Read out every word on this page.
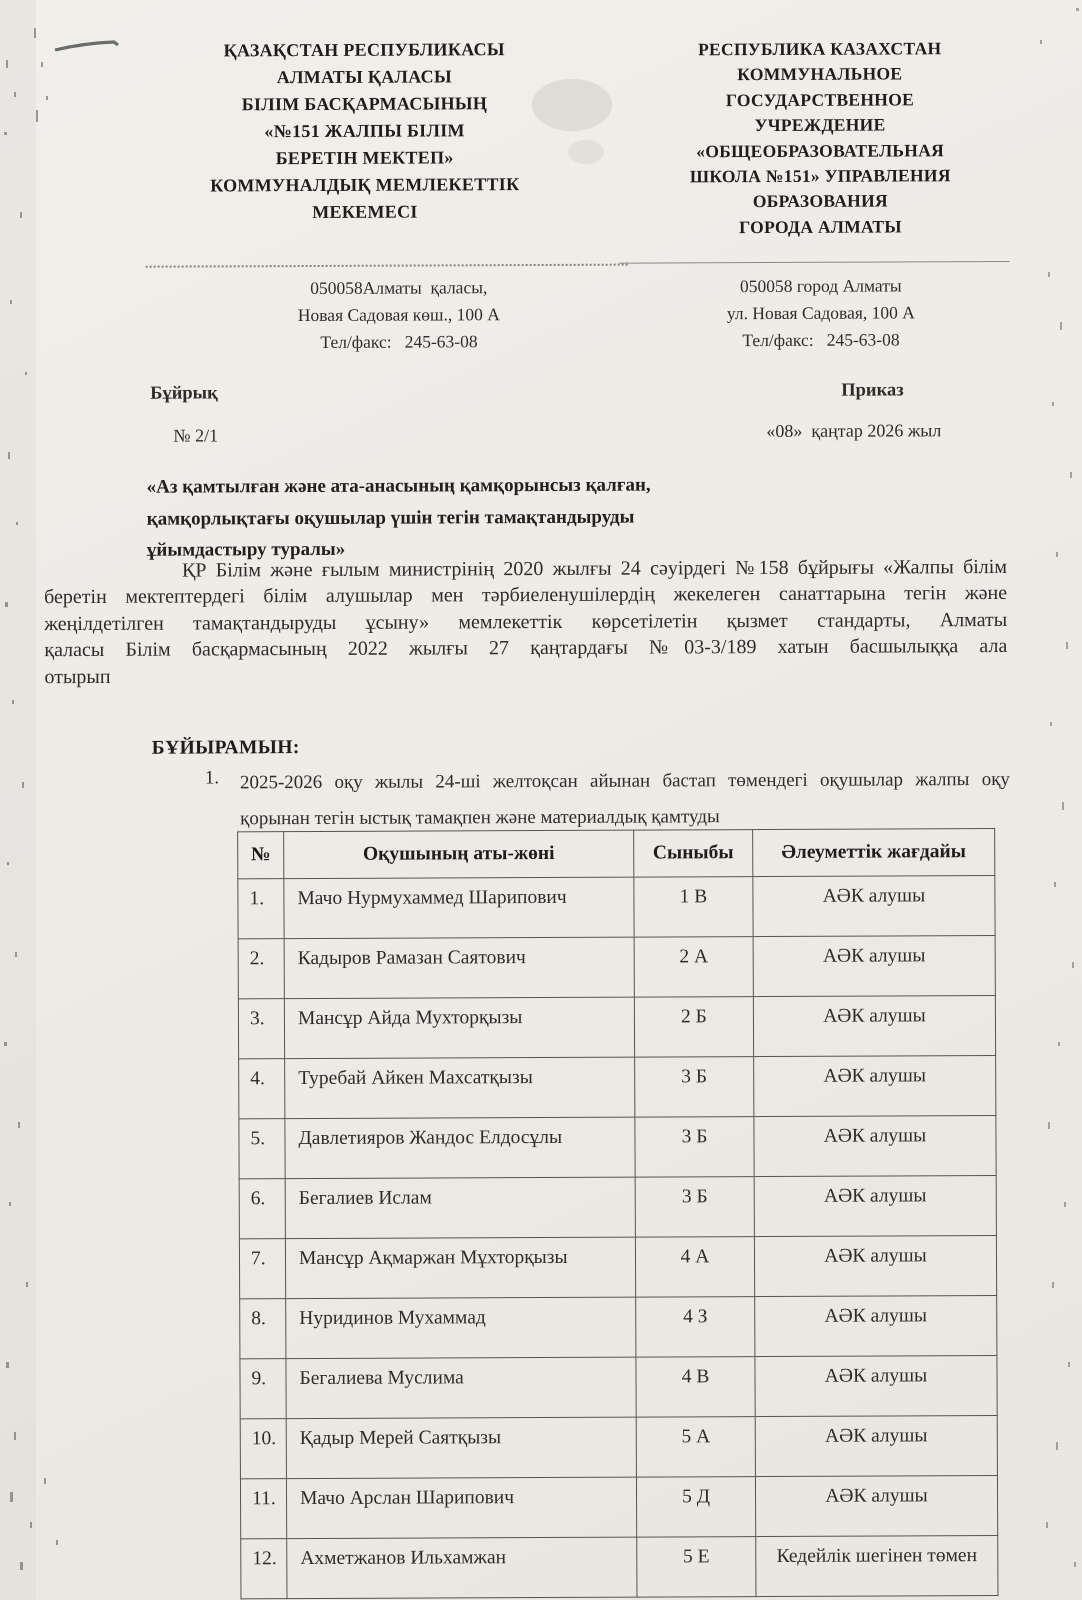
ҚАЗАҚСТАН РЕСПУБЛИКАСЫ
АЛМАТЫ ҚАЛАСЫ
БІЛІМ БАСҚАРМАСЫНЫҢ
«№151 ЖАЛПЫ БІЛІМ
БЕРЕТІН МЕКТЕП»
КОММУНАЛДЫҚ МЕМЛЕКЕТТІК
МЕКЕМЕСІ
РЕСПУБЛИКА КАЗАХСТАН
КОММУНАЛЬНОЕ
ГОСУДАРСТВЕННОЕ
УЧРЕЖДЕНИЕ
«ОБЩЕОБРАЗОВАТЕЛЬНАЯ
ШКОЛА №151» УПРАВЛЕНИЯ
ОБРАЗОВАНИЯ
ГОРОДА АЛМАТЫ
050058Алматы  қаласы,
Новая Садовая көш., 100 А
Тел/факс:   245-63-08
050058 город Алматы
ул. Новая Садовая, 100 А
Тел/факс:   245-63-08
Бұйрық	Приказ
№ 2/1	«08»  қаңтар 2026 жыл
«Аз қамтылған және ата-анасының қамқорынсыз қалған,
қамқорлықтағы оқушылар үшін тегін тамақтандыруды
ұйымдастыру туралы»
ҚР Білім және ғылым министрінің 2020 жылғы 24 сәуірдегі №158 бұйрығы «Жалпы білім
беретін мектептердегі білім алушылар мен тәрбиеленушілердің жекелеген санаттарына тегін және
жеңілдетілген тамақтандыруды ұсыну» мемлекеттік көрсетілетін қызмет стандарты, Алматы
қаласы Білім басқармасының 2022 жылғы 27 қаңтардағы №03-3/189 хатын басшылыққа ала
отырып
БҰЙЫРАМЫН:
1. 2025-2026 оқу жылы 24-ші желтоқсан айынан бастап төмендегі оқушылар жалпы оқу
қорынан тегін ыстық тамақпен және материалдық қамтуды
№	Оқушының аты-жөні	Сыныбы	Әлеуметтік жағдайы
1.	Мачо Нурмухаммед Шарипович	1 В	АӘК алушы
2.	Кадыров Рамазан Саятович	2 А	АӘК алушы
3.	Мансұр Айда Мухторқызы	2 Б	АӘК алушы
4.	Туребай Айкен Махсатқызы	3 Б	АӘК алушы
5.	Давлетияров Жандос Елдосұлы	3 Б	АӘК алушы
6.	Бегалиев Ислам	3 Б	АӘК алушы
7.	Мансұр Ақмаржан Мұхторқызы	4 А	АӘК алушы
8.	Нуридинов Мухаммад	4 З	АӘК алушы
9.	Бегалиева Муслима	4 В	АӘК алушы
10.	Қадыр Мерей Саятқызы	5 А	АӘК алушы
11.	Мачо Арслан Шарипович	5 Д	АӘК алушы
12.	Ахметжанов Ильхамжан	5 Е	Кедейлік шегінен төмен
